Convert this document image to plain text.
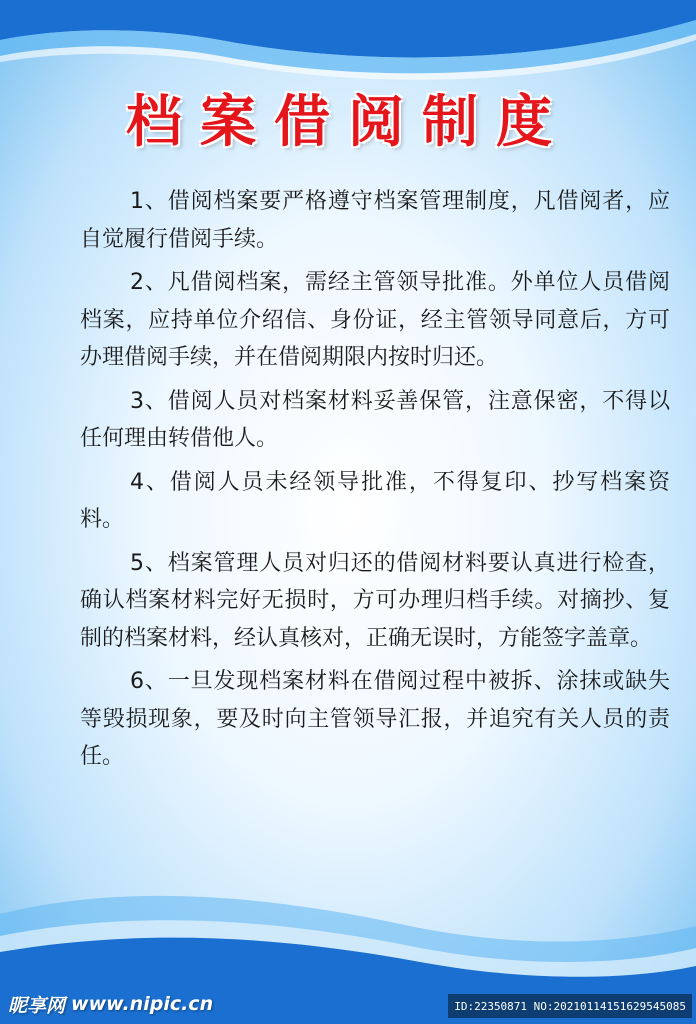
档案借阅制度

1、借阅档案要严格遵守档案管理制度，凡借阅者，应自觉履行借阅手续。

2、凡借阅档案，需经主管领导批准。外单位人员借阅档案，应持单位介绍信、身份证，经主管领导同意后，方可办理借阅手续，并在借阅期限内按时归还。

3、借阅人员对档案材料妥善保管，注意保密，不得以任何理由转借他人。

4、借阅人员未经领导批准，不得复印、抄写档案资料。

5、档案管理人员对归还的借阅材料要认真进行检查，确认档案材料完好无损时，方可办理归档手续。对摘抄、复制的档案材料，经认真核对，正确无误时，方能签字盖章。

6、一旦发现档案材料在借阅过程中被拆、涂抹或缺失等毁损现象，要及时向主管领导汇报，并追究有关人员的责任。

昵享网 www.nipic.cn	ID:22350871 NO:20210114151629545085
